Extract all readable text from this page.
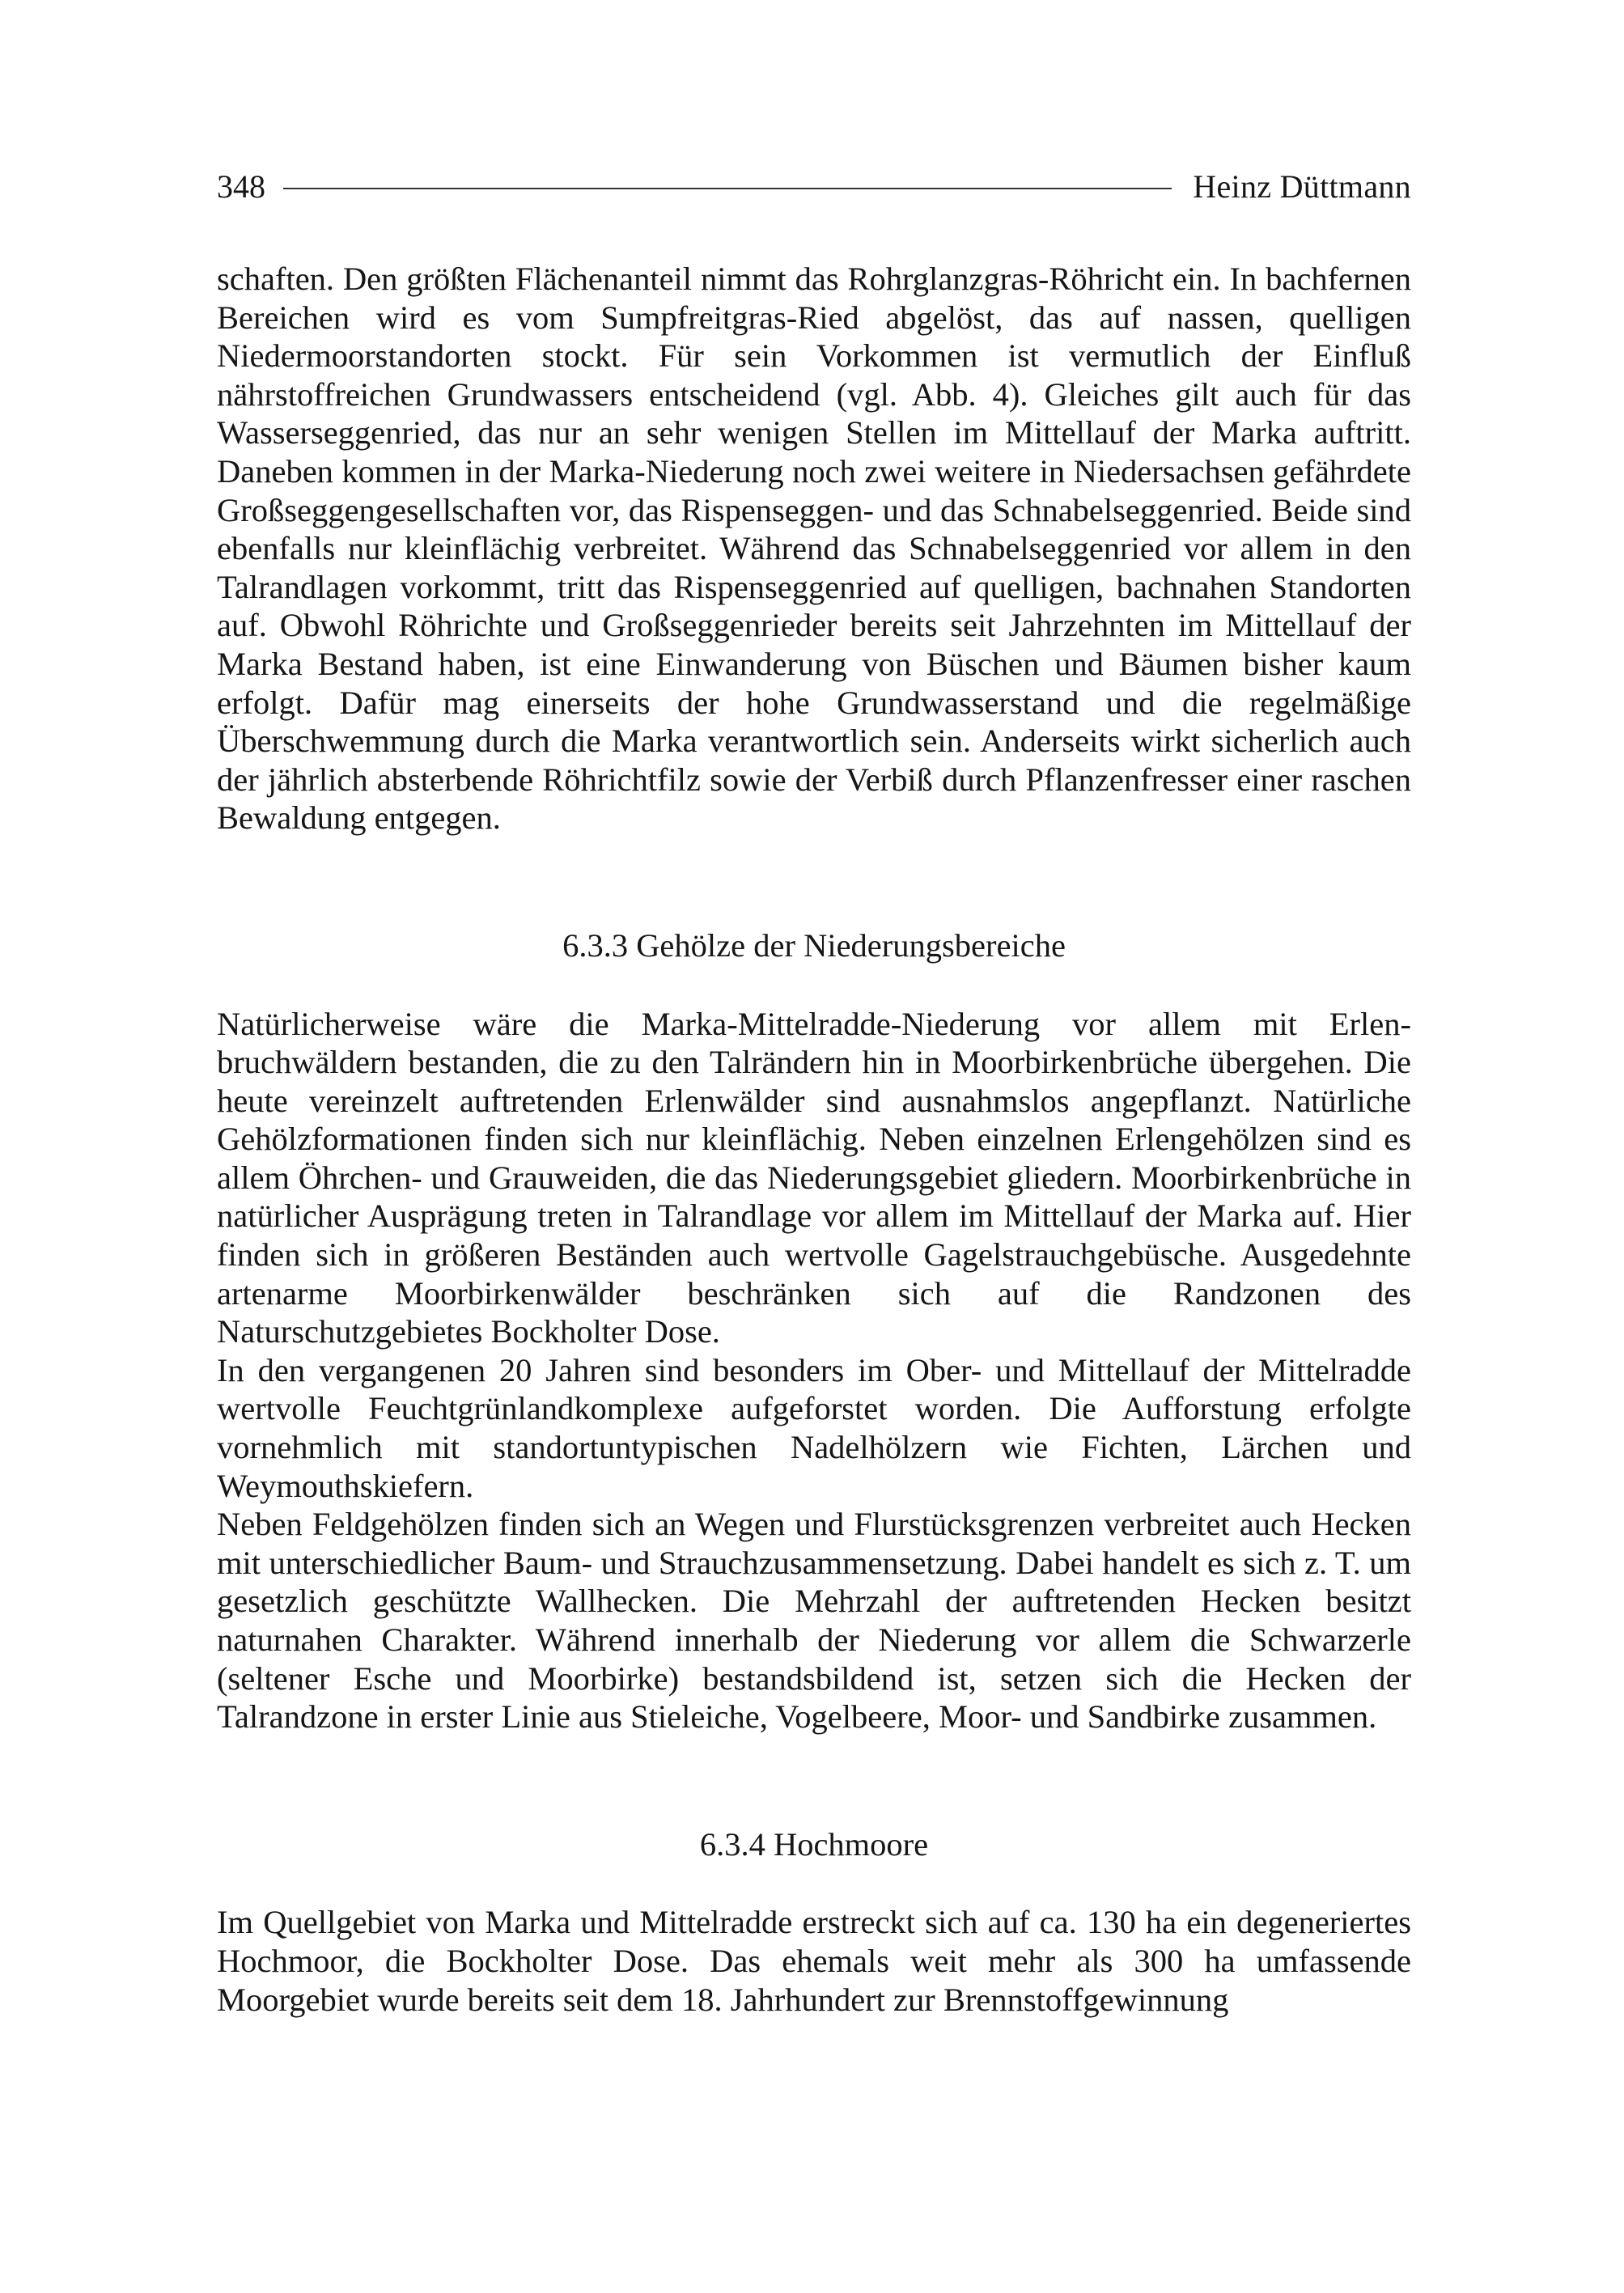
348	Heinz Düttmann

schaften. Den größten Flächenanteil nimmt das Rohrglanzgras-Röhricht ein. In bachfernen Bereichen wird es vom Sumpfreitgras-Ried abgelöst, das auf nassen, quelligen Niedermoorstandorten stockt. Für sein Vorkommen ist vermutlich der Einfluß nährstoffreichen Grundwassers entscheidend (vgl. Abb. 4). Gleiches gilt auch für das Wasserseggenried, das nur an sehr wenigen Stellen im Mittellauf der Marka auftritt. Daneben kommen in der Marka-Niederung noch zwei weitere in Niedersachsen gefährdete Großseggengesellschaften vor, das Rispenseggen- und das Schnabelseggenried. Beide sind ebenfalls nur kleinflächig verbreitet. Während das Schnabelseggenried vor allem in den Talrandlagen vorkommt, tritt das Rispenseggenried auf quelligen, bachnahen Standorten auf. Obwohl Röhrichte und Großseggenrieder bereits seit Jahrzehnten im Mittellauf der Marka Bestand haben, ist eine Einwanderung von Büschen und Bäumen bisher kaum erfolgt. Dafür mag einerseits der hohe Grundwasserstand und die regelmäßige Überschwemmung durch die Marka verantwortlich sein. Anderseits wirkt sicherlich auch der jährlich absterbende Röhrichtfilz sowie der Verbiß durch Pflanzenfresser einer raschen Bewaldung entgegen.

6.3.3 Gehölze der Niederungsbereiche

Natürlicherweise wäre die Marka-Mittelradde-Niederung vor allem mit Erlenbruchwäldern bestanden, die zu den Talrändern hin in Moorbirkenbrüche übergehen. Die heute vereinzelt auftretenden Erlenwälder sind ausnahmslos angepflanzt. Natürliche Gehölzformationen finden sich nur kleinflächig. Neben einzelnen Erlengehölzen sind es allem Öhrchen- und Grauweiden, die das Niederungsgebiet gliedern. Moorbirkenbrüche in natürlicher Ausprägung treten in Talrandlage vor allem im Mittellauf der Marka auf. Hier finden sich in größeren Beständen auch wertvolle Gagelstrauchgebüsche. Ausgedehnte artenarme Moorbirkenwälder beschränken sich auf die Randzonen des Naturschutzgebietes Bockholter Dose.

In den vergangenen 20 Jahren sind besonders im Ober- und Mittellauf der Mittelradde wertvolle Feuchtgrünlandkomplexe aufgeforstet worden. Die Aufforstung erfolgte vornehmlich mit standortuntypischen Nadelhölzern wie Fichten, Lärchen und Weymouthskiefern.

Neben Feldgehölzen finden sich an Wegen und Flurstücksgrenzen verbreitet auch Hecken mit unterschiedlicher Baum- und Strauchzusammensetzung. Dabei handelt es sich z. T. um gesetzlich geschützte Wallhecken. Die Mehrzahl der auftretenden Hecken besitzt naturnahen Charakter. Während innerhalb der Niederung vor allem die Schwarzerle (seltener Esche und Moorbirke) bestandsbildend ist, setzen sich die Hecken der Talrandzone in erster Linie aus Stieleiche, Vogelbeere, Moor- und Sandbirke zusammen.

6.3.4 Hochmoore

Im Quellgebiet von Marka und Mittelradde erstreckt sich auf ca. 130 ha ein degeneriertes Hochmoor, die Bockholter Dose. Das ehemals weit mehr als 300 ha umfassende Moorgebiet wurde bereits seit dem 18. Jahrhundert zur Brennstoffgewinnung
